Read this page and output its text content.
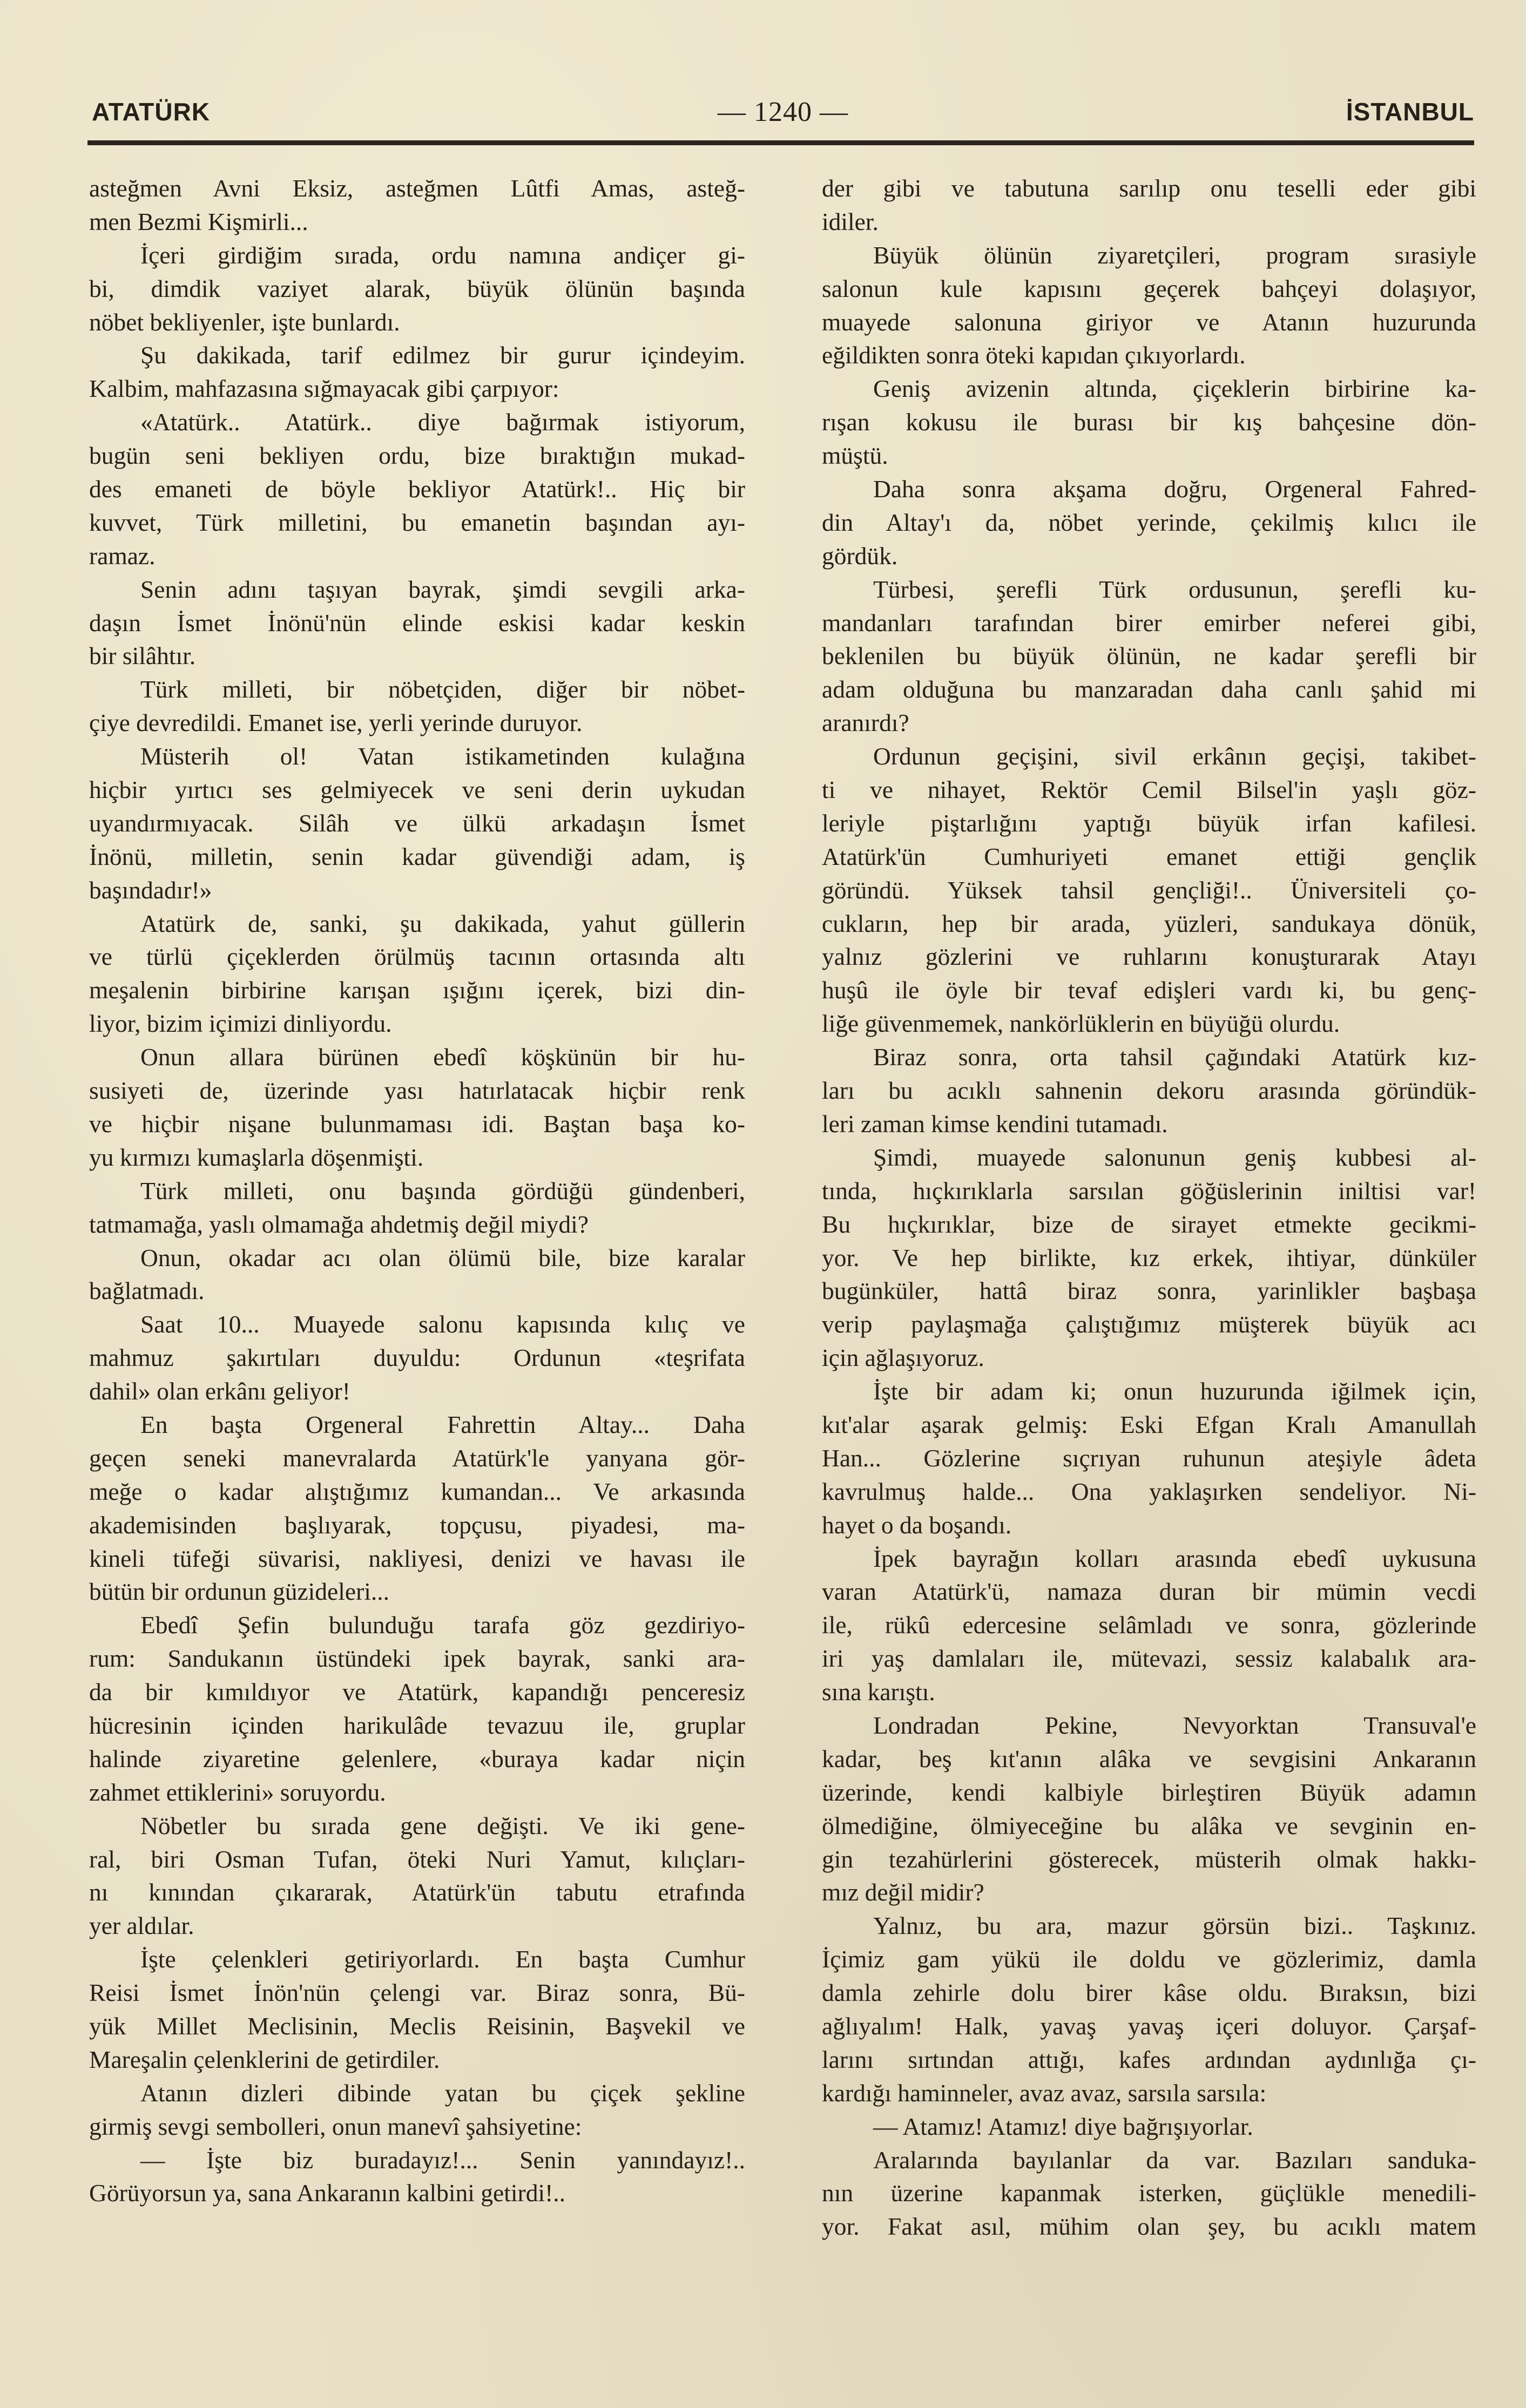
ATATÜRK	— 1240 —	İSTANBUL
asteğmen Avni Eksiz, asteğmen Lûtfi Amas, asteğ-
men Bezmi Kişmirli...
İçeri girdiğim sırada, ordu namına andiçer gi-
bi, dimdik vaziyet alarak, büyük ölünün başında
nöbet bekliyenler, işte bunlardı.
Şu dakikada, tarif edilmez bir gurur içindeyim.
Kalbim, mahfazasına sığmayacak gibi çarpıyor:
«Atatürk.. Atatürk.. diye bağırmak istiyorum,
bugün seni bekliyen ordu, bize bıraktığın mukad-
des emaneti de böyle bekliyor Atatürk!.. Hiç bir
kuvvet, Türk milletini, bu emanetin başından ayı-
ramaz.
Senin adını taşıyan bayrak, şimdi sevgili arka-
daşın İsmet İnönü'nün elinde eskisi kadar keskin
bir silâhtır.
Türk milleti, bir nöbetçiden, diğer bir nöbet-
çiye devredildi. Emanet ise, yerli yerinde duruyor.
Müsterih ol! Vatan istikametinden kulağına
hiçbir yırtıcı ses gelmiyecek ve seni derin uykudan
uyandırmıyacak. Silâh ve ülkü arkadaşın İsmet
İnönü, milletin, senin kadar güvendiği adam, iş
başındadır!»
Atatürk de, sanki, şu dakikada, yahut güllerin
ve türlü çiçeklerden örülmüş tacının ortasında altı
meşalenin birbirine karışan ışığını içerek, bizi din-
liyor, bizim içimizi dinliyordu.
Onun allara bürünen ebedî köşkünün bir hu-
susiyeti de, üzerinde yası hatırlatacak hiçbir renk
ve hiçbir nişane bulunmaması idi. Baştan başa ko-
yu kırmızı kumaşlarla döşenmişti.
Türk milleti, onu başında gördüğü gündenberi,
tatmamağa, yaslı olmamağa ahdetmiş değil miydi?
Onun, okadar acı olan ölümü bile, bize karalar
bağlatmadı.
Saat 10... Muayede salonu kapısında kılıç ve
mahmuz şakırtıları duyuldu: Ordunun «teşrifata
dahil» olan erkânı geliyor!
En başta Orgeneral Fahrettin Altay... Daha
geçen seneki manevralarda Atatürk'le yanyana gör-
meğe o kadar alıştığımız kumandan... Ve arkasında
akademisinden başlıyarak, topçusu, piyadesi, ma-
kineli tüfeği süvarisi, nakliyesi, denizi ve havası ile
bütün bir ordunun güzideleri...
Ebedî Şefin bulunduğu tarafa göz gezdiriyo-
rum: Sandukanın üstündeki ipek bayrak, sanki ara-
da bir kımıldıyor ve Atatürk, kapandığı penceresiz
hücresinin içinden harikulâde tevazuu ile, gruplar
halinde ziyaretine gelenlere, «buraya kadar niçin
zahmet ettiklerini» soruyordu.
Nöbetler bu sırada gene değişti. Ve iki gene-
ral, biri Osman Tufan, öteki Nuri Yamut, kılıçları-
nı kınından çıkararak, Atatürk'ün tabutu etrafında
yer aldılar.
İşte çelenkleri getiriyorlardı. En başta Cumhur
Reisi İsmet İnön'nün çelengi var. Biraz sonra, Bü-
yük Millet Meclisinin, Meclis Reisinin, Başvekil ve
Mareşalin çelenklerini de getirdiler.
Atanın dizleri dibinde yatan bu çiçek şekline
girmiş sevgi sembolleri, onun manevî şahsiyetine:
— İşte biz buradayız!... Senin yanındayız!..
Görüyorsun ya, sana Ankaranın kalbini getirdi!..
der gibi ve tabutuna sarılıp onu teselli eder gibi
idiler.
Büyük ölünün ziyaretçileri, program sırasiyle
salonun kule kapısını geçerek bahçeyi dolaşıyor,
muayede salonuna giriyor ve Atanın huzurunda
eğildikten sonra öteki kapıdan çıkıyorlardı.
Geniş avizenin altında, çiçeklerin birbirine ka-
rışan kokusu ile burası bir kış bahçesine dön-
müştü.
Daha sonra akşama doğru, Orgeneral Fahred-
din Altay'ı da, nöbet yerinde, çekilmiş kılıcı ile
gördük.
Türbesi, şerefli Türk ordusunun, şerefli ku-
mandanları tarafından birer emirber neferei gibi,
beklenilen bu büyük ölünün, ne kadar şerefli bir
adam olduğuna bu manzaradan daha canlı şahid mi
aranırdı?
Ordunun geçişini, sivil erkânın geçişi, takibet-
ti ve nihayet, Rektör Cemil Bilsel'in yaşlı göz-
leriyle piştarlığını yaptığı büyük irfan kafilesi.
Atatürk'ün Cumhuriyeti emanet ettiği gençlik
göründü. Yüksek tahsil gençliği!.. Üniversiteli ço-
cukların, hep bir arada, yüzleri, sandukaya dönük,
yalnız gözlerini ve ruhlarını konuşturarak Atayı
huşû ile öyle bir tevaf edişleri vardı ki, bu genç-
liğe güvenmemek, nankörlüklerin en büyüğü olurdu.
Biraz sonra, orta tahsil çağındaki Atatürk kız-
ları bu acıklı sahnenin dekoru arasında göründük-
leri zaman kimse kendini tutamadı.
Şimdi, muayede salonunun geniş kubbesi al-
tında, hıçkırıklarla sarsılan göğüslerinin iniltisi var!
Bu hıçkırıklar, bize de sirayet etmekte gecikmi-
yor. Ve hep birlikte, kız erkek, ihtiyar, dünküler
bugünküler, hattâ biraz sonra, yarinlikler başbaşa
verip paylaşmağa çalıştığımız müşterek büyük acı
için ağlaşıyoruz.
İşte bir adam ki; onun huzurunda iğilmek için,
kıt'alar aşarak gelmiş: Eski Efgan Kralı Amanullah
Han... Gözlerine sıçrıyan ruhunun ateşiyle âdeta
kavrulmuş halde... Ona yaklaşırken sendeliyor. Ni-
hayet o da boşandı.
İpek bayrağın kolları arasında ebedî uykusuna
varan Atatürk'ü, namaza duran bir mümin vecdi
ile, rükû edercesine selâmladı ve sonra, gözlerinde
iri yaş damlaları ile, mütevazi, sessiz kalabalık ara-
sına karıştı.
Londradan Pekine, Nevyorktan Transuval'e
kadar, beş kıt'anın alâka ve sevgisini Ankaranın
üzerinde, kendi kalbiyle birleştiren Büyük adamın
ölmediğine, ölmiyeceğine bu alâka ve sevginin en-
gin tezahürlerini gösterecek, müsterih olmak hakkı-
mız değil midir?
Yalnız, bu ara, mazur görsün bizi.. Taşkınız.
İçimiz gam yükü ile doldu ve gözlerimiz, damla
damla zehirle dolu birer kâse oldu. Bıraksın, bizi
ağlıyalım! Halk, yavaş yavaş içeri doluyor. Çarşaf-
larını sırtından attığı, kafes ardından aydınlığa çı-
kardığı haminneler, avaz avaz, sarsıla sarsıla:
— Atamız! Atamız! diye bağrışıyorlar.
Aralarında bayılanlar da var. Bazıları sanduka-
nın üzerine kapanmak isterken, güçlükle menedili-
yor. Fakat asıl, mühim olan şey, bu acıklı matem
